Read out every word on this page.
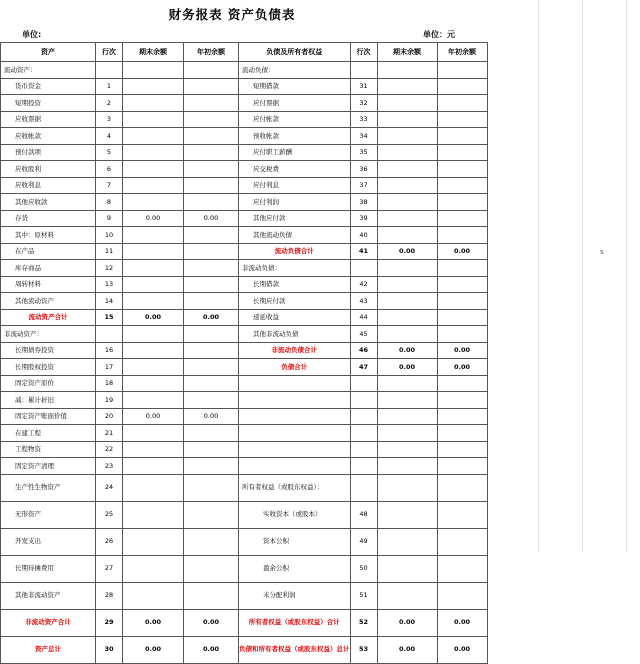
财务报表 资产负债表
单位:	单位：元
s
资产	行次	期末余额	年初余额	负债及所有者权益	行次	期末余额	年初余额
流动资产：				流动负债：			
货币资金	1			短期借款	31		
短期投资	2			应付票据	32		
应收票据	3			应付帐款	33		
应收帐款	4			预收帐款	34		
预付款项	5			应付职工薪酬	35		
应收股利	6			应交税费	36		
应收利息	7			应付利息	37		
其他应收款	8			应付利润	38		
存货	9	0.00	0.00	其他应付款	39		
其中：原材料	10			其他流动负债	40		
在产品	11			流动负债合计	41	0.00	0.00
库存商品	12			非流动负债：			
周转材料	13			长期借款	42		
其他流动资产	14			长期应付款	43		
流动资产合计	15	0.00	0.00	递延收益	44		
非流动资产：				其他非流动负债	45		
长期债券投资	16			非流动负债合计	46	0.00	0.00
长期股权投资	17			负债合计	47	0.00	0.00
固定资产原价	18						
减：累计折旧	19						
固定资产账面价值	20	0.00	0.00				
在建工程	21						
工程物资	22						
固定资产清理	23						
生产性生物资产	24			所有者权益（或股东权益）：			
无形资产	25			实收资本（或股本）	48		
开发支出	26			资本公积	49		
长期待摊费用	27			盈余公积	50		
其他非流动资产	28			未分配利润	51		
非流动资产合计	29	0.00	0.00	所有者权益（或股东权益）合计	52	0.00	0.00
资产总计	30	0.00	0.00	负债和所有者权益（或股东权益）总计	53	0.00	0.00
